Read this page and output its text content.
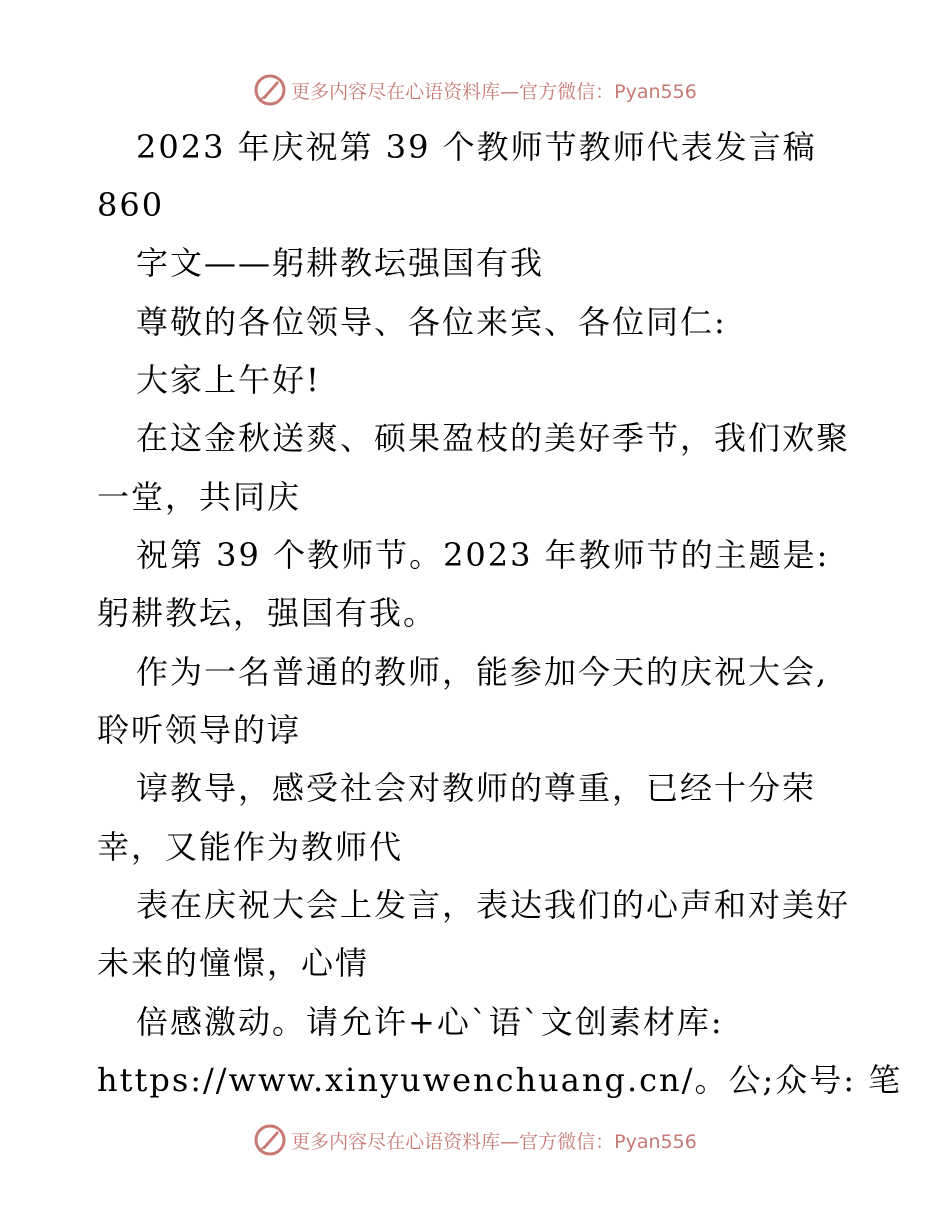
更多内容尽在心语资料库—官方微信：Pyan556
2023 年庆祝第 39 个教师节教师代表发言稿
860
字文——躬耕教坛强国有我
尊敬的各位领导、各位来宾、各位同仁:
大家上午好!
在这金秋送爽、硕果盈枝的美好季节，我们欢聚
一堂，共同庆
祝第 39 个教师节。2023 年教师节的主题是:
躬耕教坛，强国有我。
作为一名普通的教师，能参加今天的庆祝大会,
聆听领导的谆
谆教导，感受社会对教师的尊重，已经十分荣
幸，又能作为教师代
表在庆祝大会上发言，表达我们的心声和对美好
未来的憧憬，心情
倍感激动。请允许+心`语`文创素材库:
https://www.xinyuwenchuang.cn/。公;众号: 笔
更多内容尽在心语资料库—官方微信：Pyan556
